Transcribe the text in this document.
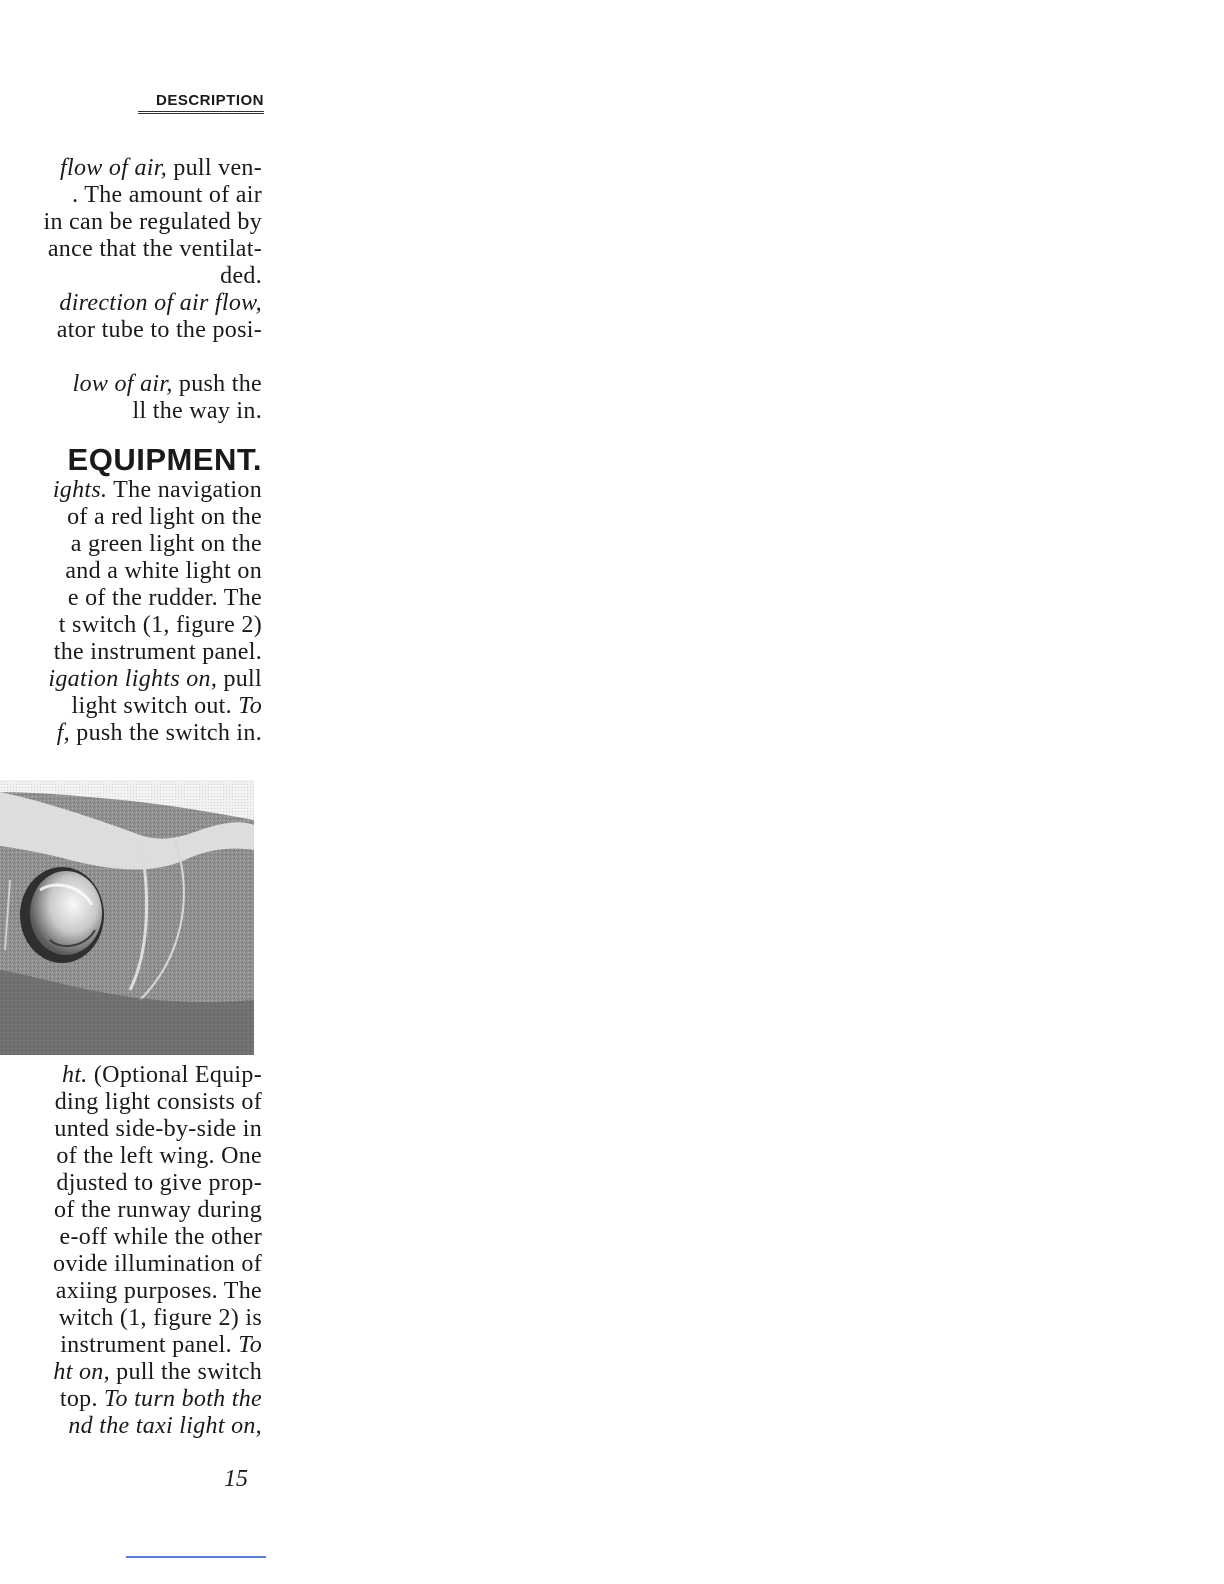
DESCRIPTION
flow of air, pull ven-
. The amount of air
in can be regulated by
ance that the ventilat-
ded.
direction of air flow,
ator tube to the posi-

low of air, push the
ll the way in.
EQUIPMENT.
ights. The navigation
of a red light on the
a green light on the
and a white light on
e of the rudder. The
t switch (1, figure 2)
the instrument panel.
igation lights on, pull
light switch out. To
f, push the switch in.
ht. (Optional Equip-
ding light consists of
unted side-by-side in
of the left wing. One
djusted to give prop-
of the runway during
e-off while the other
ovide illumination of
axiing purposes. The
witch (1, figure 2) is
instrument panel. To
ht on, pull the switch
top. To turn both the
nd the taxi light on,
15
